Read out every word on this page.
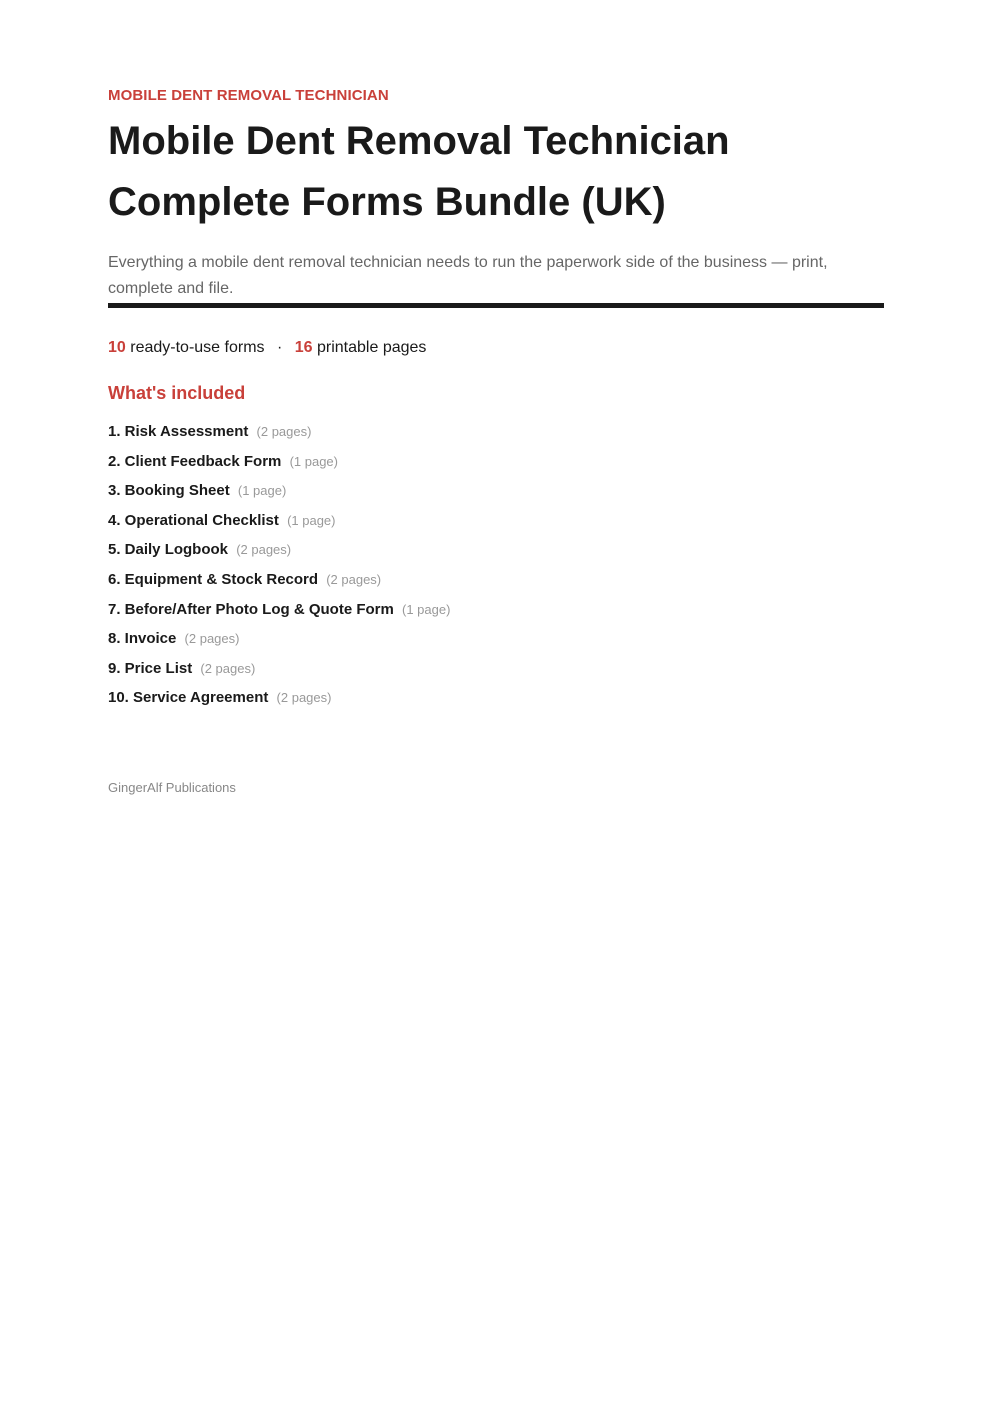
MOBILE DENT REMOVAL TECHNICIAN

Mobile Dent Removal Technician
Complete Forms Bundle (UK)

Everything a mobile dent removal technician needs to run the paperwork side of the business — print, complete and file.

10 ready-to-use forms · 16 printable pages
What's included
1. Risk Assessment (2 pages)
2. Client Feedback Form (1 page)
3. Booking Sheet (1 page)
4. Operational Checklist (1 page)
5. Daily Logbook (2 pages)
6. Equipment & Stock Record (2 pages)
7. Before/After Photo Log & Quote Form (1 page)
8. Invoice (2 pages)
9. Price List (2 pages)
10. Service Agreement (2 pages)
GingerAlf Publications
